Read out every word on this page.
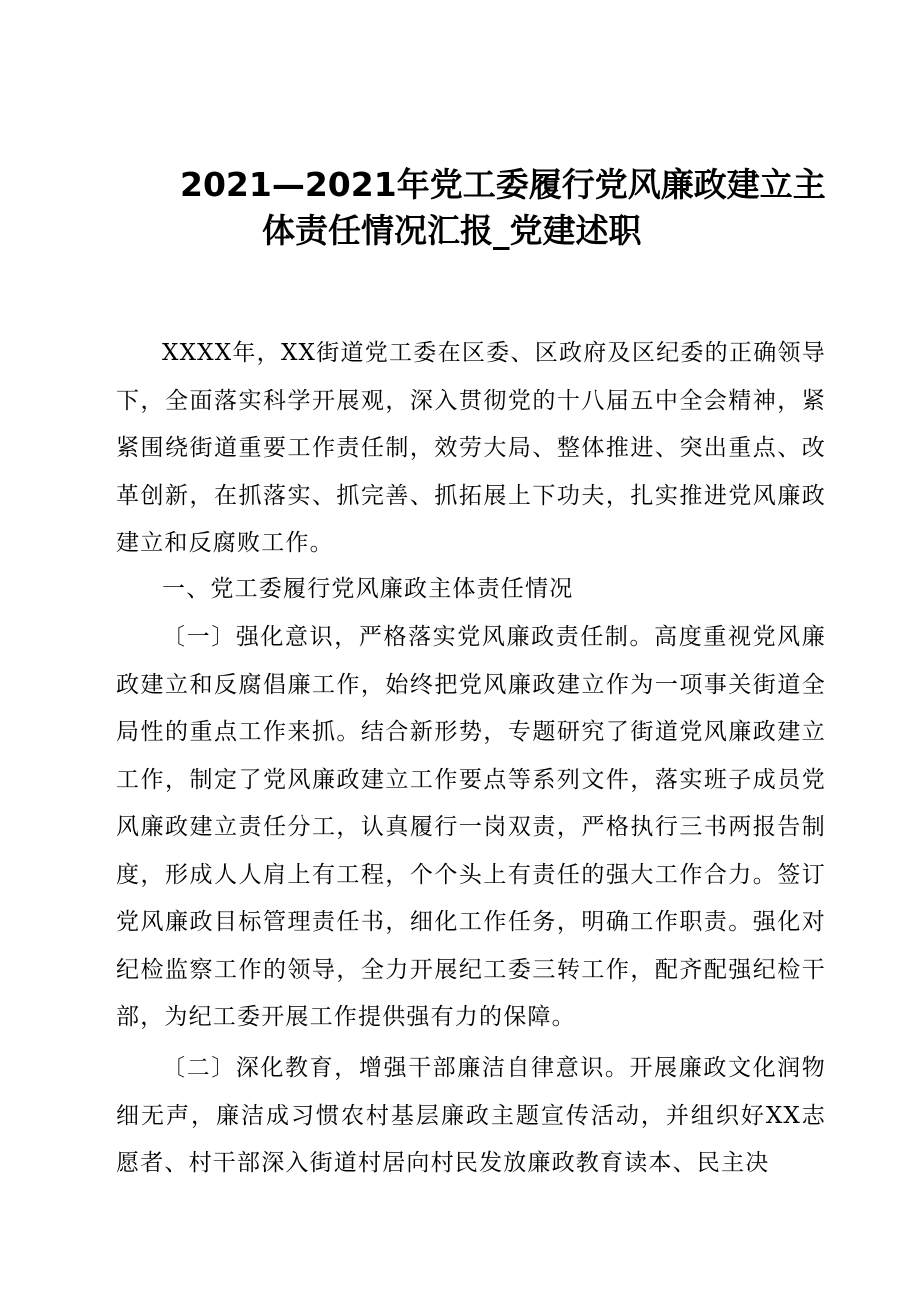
2021—2021年党工委履行党风廉政建立主
体责任情况汇报_党建述职

XXXX年，XX街道党工委在区委、区政府及区纪委的正确领导下，全面落实科学开展观，深入贯彻党的十八届五中全会精神，紧紧围绕街道重要工作责任制，效劳大局、整体推进、突出重点、改革创新，在抓落实、抓完善、抓拓展上下功夫，扎实推进党风廉政建立和反腐败工作。

一、党工委履行党风廉政主体责任情况

〔一〕强化意识，严格落实党风廉政责任制。高度重视党风廉政建立和反腐倡廉工作，始终把党风廉政建立作为一项事关街道全局性的重点工作来抓。结合新形势，专题研究了街道党风廉政建立工作，制定了党风廉政建立工作要点等系列文件，落实班子成员党风廉政建立责任分工，认真履行一岗双责，严格执行三书两报告制度，形成人人肩上有工程，个个头上有责任的强大工作合力。签订党风廉政目标管理责任书，细化工作任务，明确工作职责。强化对纪检监察工作的领导，全力开展纪工委三转工作，配齐配强纪检干部，为纪工委开展工作提供强有力的保障。

〔二〕深化教育，增强干部廉洁自律意识。开展廉政文化润物细无声，廉洁成习惯农村基层廉政主题宣传活动，并组织好XX志愿者、村干部深入街道村居向村民发放廉政教育读本、民主决
